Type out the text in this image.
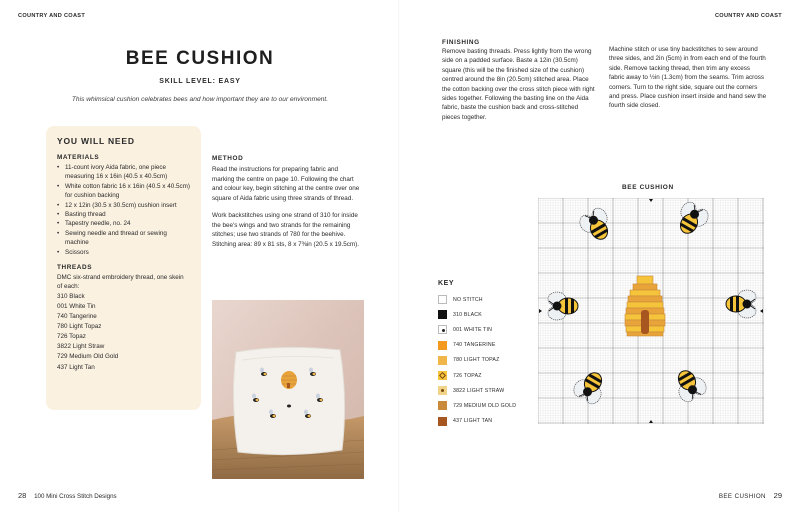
COUNTRY AND COAST
BEE CUSHION
SKILL LEVEL: EASY
This whimsical cushion celebrates bees and how important they are to our environment.
YOU WILL NEED
MATERIALS
• 11-count ivory Aida fabric, one piece measuring 16 x 16in (40.5 x 40.5cm)
• White cotton fabric 16 x 16in (40.5 x 40.5cm) for cushion backing
• 12 x 12in (30.5 x 30.5cm) cushion insert
• Basting thread
• Tapestry needle, no. 24
• Sewing needle and thread or sewing machine
• Scissors
THREADS
DMC six-strand embroidery thread, one skein of each:
310 Black
001 White Tin
740 Tangerine
780 Light Topaz
726 Topaz
3822 Light Straw
729 Medium Old Gold
437 Light Tan
METHOD

Read the instructions for preparing fabric and marking the centre on page 10. Following the chart and colour key, begin stitching at the centre over one square of Aida fabric using three strands of thread.

Work backstitches using one strand of 310 for inside the bee's wings and two strands for the remaining stitches; use two strands of 780 for the beehive. Stitching area: 89 x 81 sts, 8 x 7⅜in (20.5 x 19.5cm).

28 100 Mini Cross Stitch Designs
COUNTRY AND COAST
FINISHING

Remove basting threads. Press lightly from the wrong side on a padded surface. Baste a 12in (30.5cm) square (this will be the finished size of the cushion) centred around the 8in (20.5cm) stitched area. Place the cotton backing over the cross stitch piece with right sides together. Following the basting line on the Aida fabric, baste the cushion back and cross-stitched pieces together.

Machine stitch or use tiny backstitches to sew around three sides, and 2in (5cm) in from each end of the fourth side. Remove tacking thread, then trim any excess fabric away to ½in (1.3cm) from the seams. Trim across corners. Turn to the right side, square out the corners and press. Place cushion insert inside and hand sew the fourth side closed.

BEE CUSHION
KEY
NO STITCH
310 BLACK
001 WHITE TIN
740 TANGERINE
780 LIGHT TOPAZ
726 TOPAZ
3822 LIGHT STRAW
729 MEDIUM OLD GOLD
437 LIGHT TAN
BEE CUSHION 29
